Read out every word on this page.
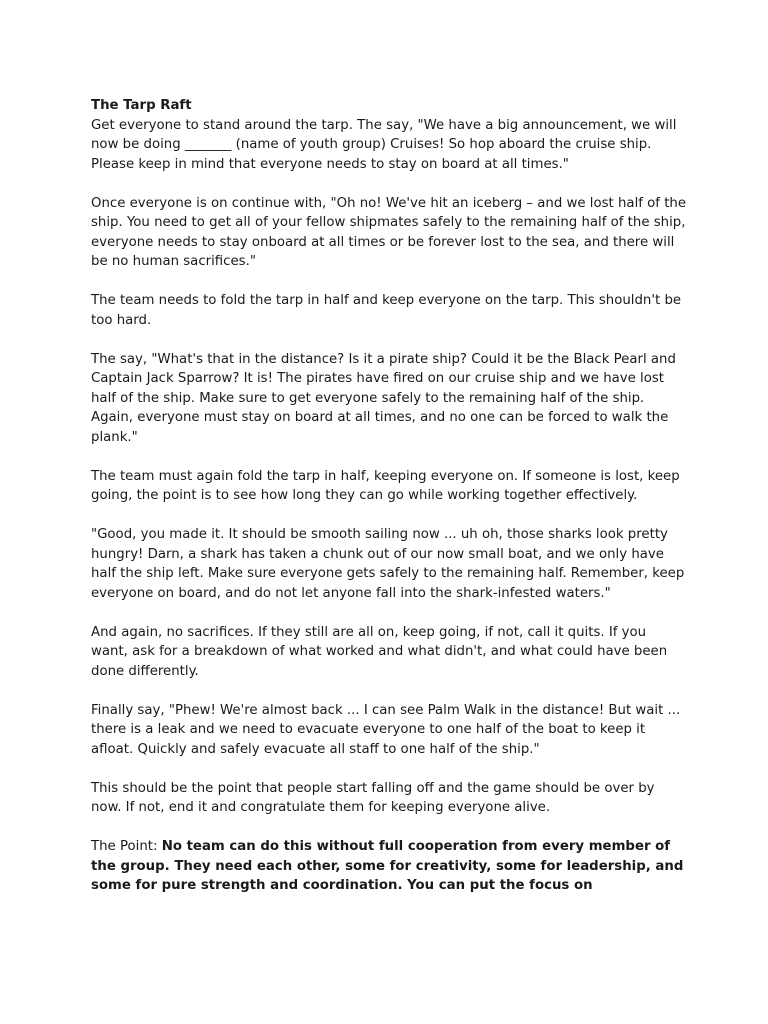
The Tarp Raft

Get everyone to stand around the tarp. The say, "We have a big announcement, we will now be doing _______ (name of youth group) Cruises! So hop aboard the cruise ship. Please keep in mind that everyone needs to stay on board at all times."

Once everyone is on continue with, "Oh no! We've hit an iceberg – and we lost half of the ship. You need to get all of your fellow shipmates safely to the remaining half of the ship, everyone needs to stay onboard at all times or be forever lost to the sea, and there will be no human sacrifices."

The team needs to fold the tarp in half and keep everyone on the tarp. This shouldn't be too hard.

The say, "What's that in the distance? Is it a pirate ship? Could it be the Black Pearl and Captain Jack Sparrow? It is! The pirates have fired on our cruise ship and we have lost half of the ship. Make sure to get everyone safely to the remaining half of the ship. Again, everyone must stay on board at all times, and no one can be forced to walk the plank."

The team must again fold the tarp in half, keeping everyone on. If someone is lost, keep going, the point is to see how long they can go while working together effectively.

"Good, you made it. It should be smooth sailing now ... uh oh, those sharks look pretty hungry! Darn, a shark has taken a chunk out of our now small boat, and we only have half the ship left. Make sure everyone gets safely to the remaining half. Remember, keep everyone on board, and do not let anyone fall into the shark-infested waters."

And again, no sacrifices. If they still are all on, keep going, if not, call it quits. If you want, ask for a breakdown of what worked and what didn't, and what could have been done differently.

Finally say, "Phew! We're almost back ... I can see Palm Walk in the distance! But wait ... there is a leak and we need to evacuate everyone to one half of the boat to keep it afloat. Quickly and safely evacuate all staff to one half of the ship."

This should be the point that people start falling off and the game should be over by now. If not, end it and congratulate them for keeping everyone alive.

The Point: No team can do this without full cooperation from every member of the group. They need each other, some for creativity, some for leadership, and some for pure strength and coordination. You can put the focus on
